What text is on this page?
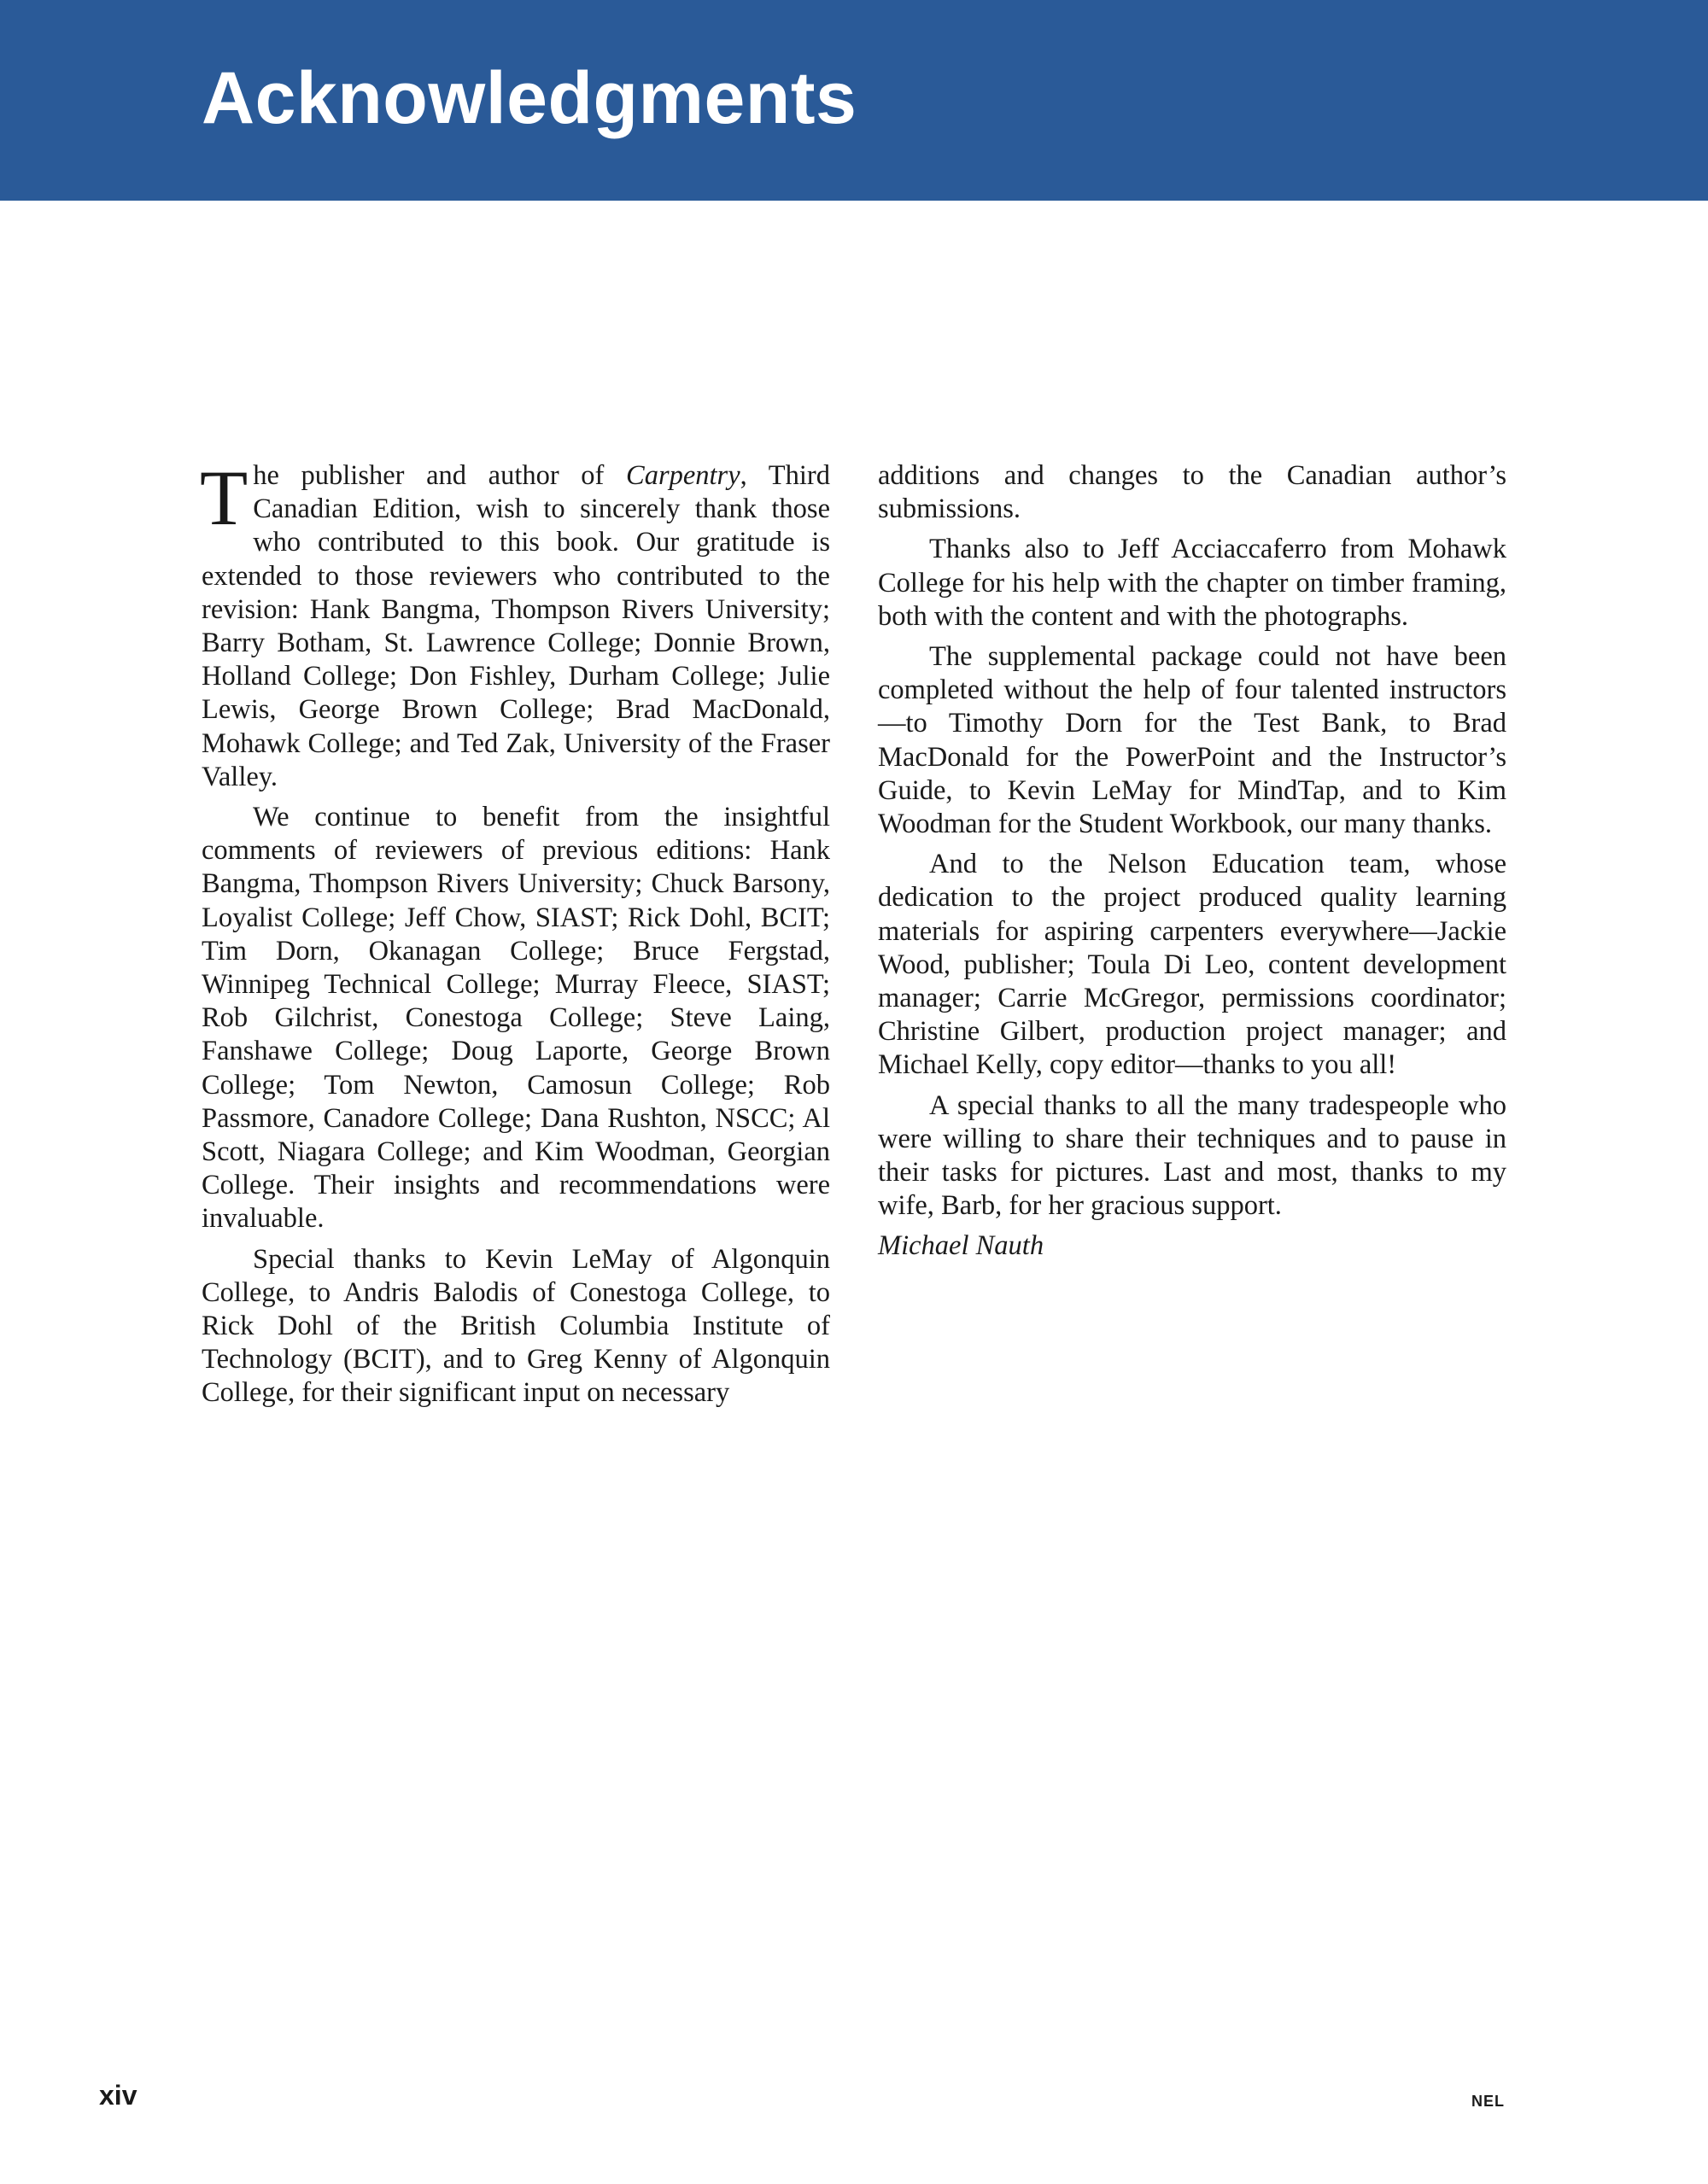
Acknowledgments

The publisher and author of Carpentry, Third Canadian Edition, wish to sincerely thank those who contributed to this book. Our gratitude is extended to those reviewers who contributed to the revision: Hank Bangma, Thompson Rivers University; Barry Botham, St. Lawrence College; Donnie Brown, Holland College; Don Fishley, Durham College; Julie Lewis, George Brown College; Brad MacDonald, Mohawk College; and Ted Zak, University of the Fraser Valley.

We continue to benefit from the insightful comments of reviewers of previous editions: Hank Bangma, Thompson Rivers University; Chuck Barsony, Loyalist College; Jeff Chow, SIAST; Rick Dohl, BCIT; Tim Dorn, Okanagan College; Bruce Fergstad, Winnipeg Technical College; Murray Fleece, SIAST; Rob Gilchrist, Conestoga College; Steve Laing, Fanshawe College; Doug Laporte, George Brown College; Tom Newton, Camosun College; Rob Passmore, Canadore College; Dana Rushton, NSCC; Al Scott, Niagara College; and Kim Woodman, Georgian College. Their insights and recommendations were invaluable.

Special thanks to Kevin LeMay of Algonquin College, to Andris Balodis of Conestoga College, to Rick Dohl of the British Columbia Institute of Technology (BCIT), and to Greg Kenny of Algonquin College, for their significant input on necessary

additions and changes to the Canadian author’s submissions.

Thanks also to Jeff Acciaccaferro from Mohawk College for his help with the chapter on timber framing, both with the content and with the photographs.

The supplemental package could not have been completed without the help of four talented instructors—to Timothy Dorn for the Test Bank, to Brad MacDonald for the PowerPoint and the Instructor’s Guide, to Kevin LeMay for MindTap, and to Kim Woodman for the Student Workbook, our many thanks.

And to the Nelson Education team, whose dedication to the project produced quality learning materials for aspiring carpenters everywhere—Jackie Wood, publisher; Toula Di Leo, content development manager; Carrie McGregor, permissions coordinator; Christine Gilbert, production project manager; and Michael Kelly, copy editor—thanks to you all!

A special thanks to all the many tradespeople who were willing to share their techniques and to pause in their tasks for pictures. Last and most, thanks to my wife, Barb, for her gracious support.

Michael Nauth

xiv	NEL
